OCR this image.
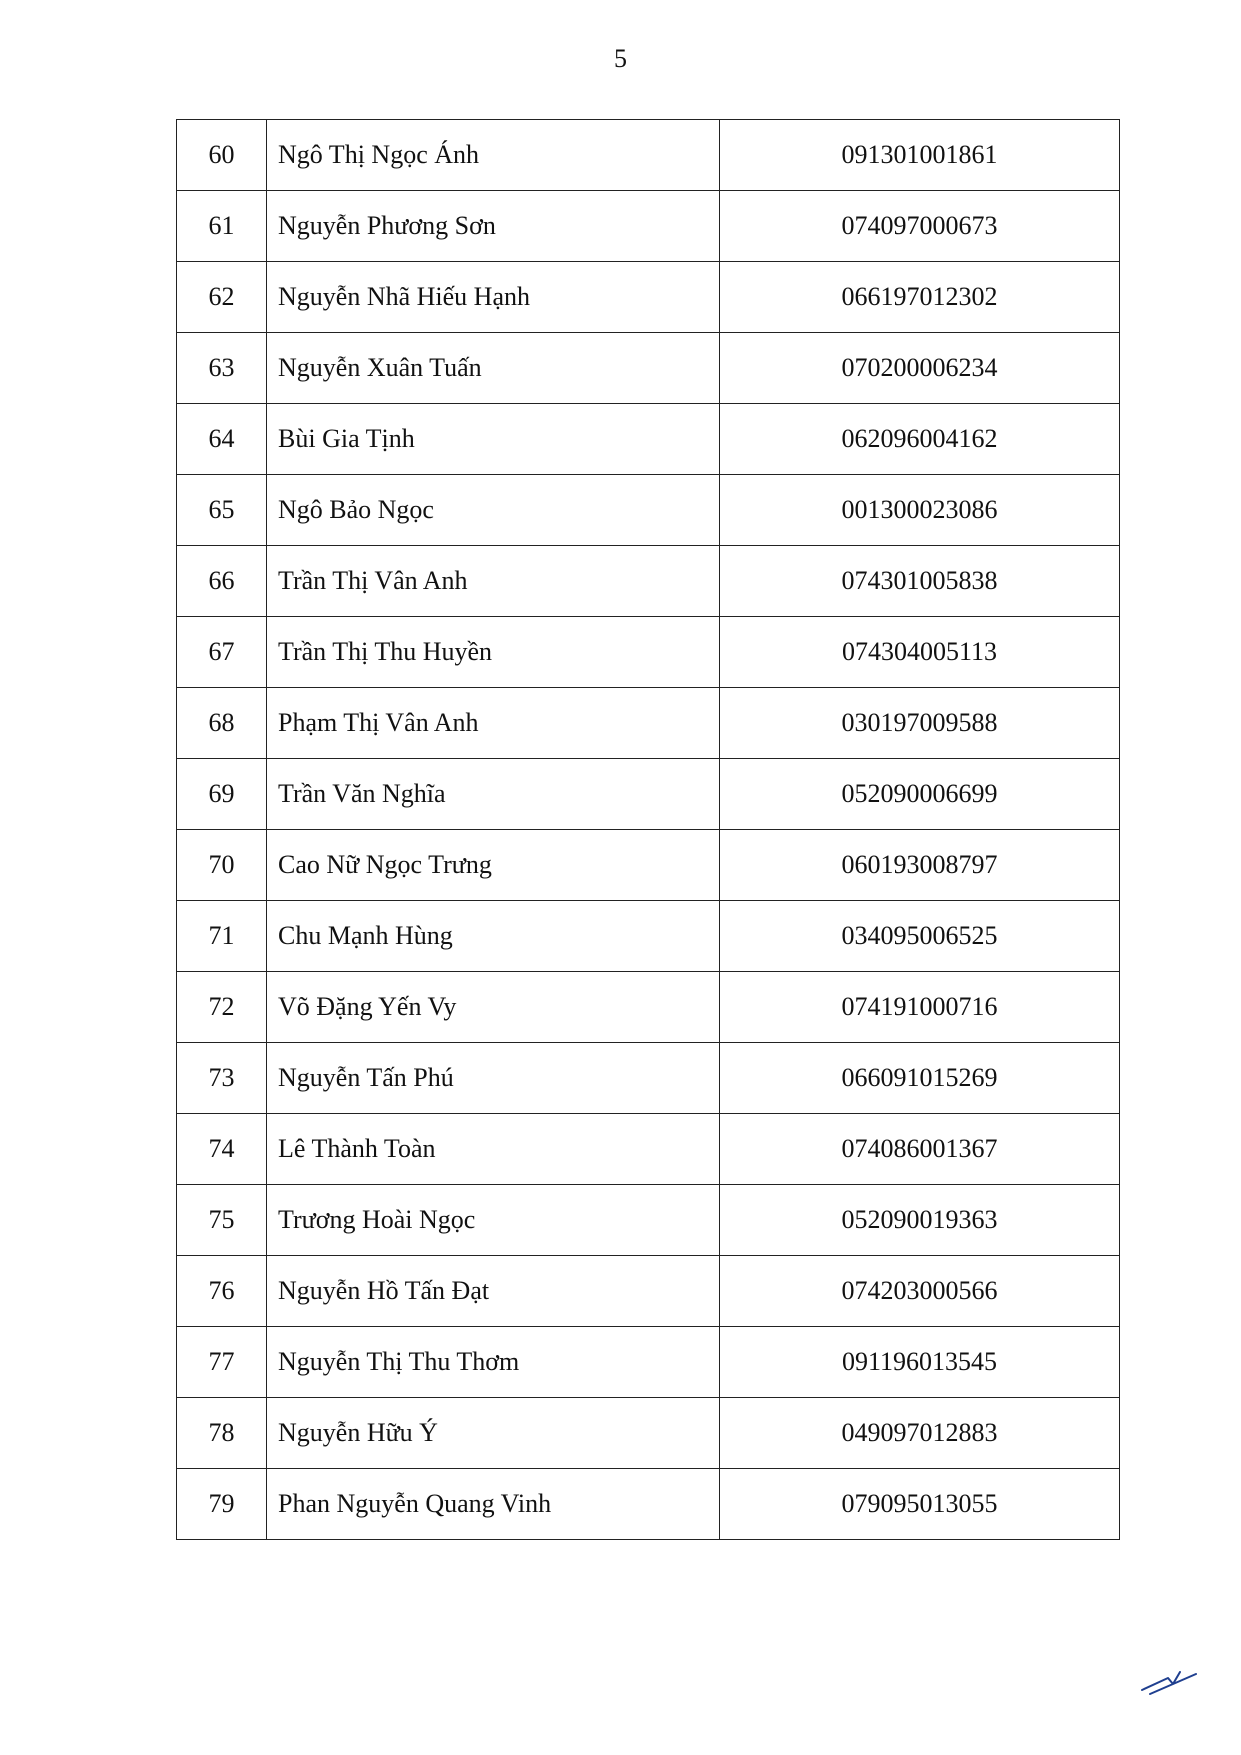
5
60	Ngô Thị Ngọc Ánh	091301001861
61	Nguyễn Phương Sơn	074097000673
62	Nguyễn Nhã Hiếu Hạnh	066197012302
63	Nguyễn Xuân Tuấn	070200006234
64	Bùi Gia Tịnh	062096004162
65	Ngô Bảo Ngọc	001300023086
66	Trần Thị Vân Anh	074301005838
67	Trần Thị Thu Huyền	074304005113
68	Phạm Thị Vân Anh	030197009588
69	Trần Văn Nghĩa	052090006699
70	Cao Nữ Ngọc Trưng	060193008797
71	Chu Mạnh Hùng	034095006525
72	Võ Đặng Yến Vy	074191000716
73	Nguyễn Tấn Phú	066091015269
74	Lê Thành Toàn	074086001367
75	Trương Hoài Ngọc	052090019363
76	Nguyễn Hồ Tấn Đạt	074203000566
77	Nguyễn Thị Thu Thơm	091196013545
78	Nguyễn Hữu Ý	049097012883
79	Phan Nguyễn Quang Vinh	079095013055
